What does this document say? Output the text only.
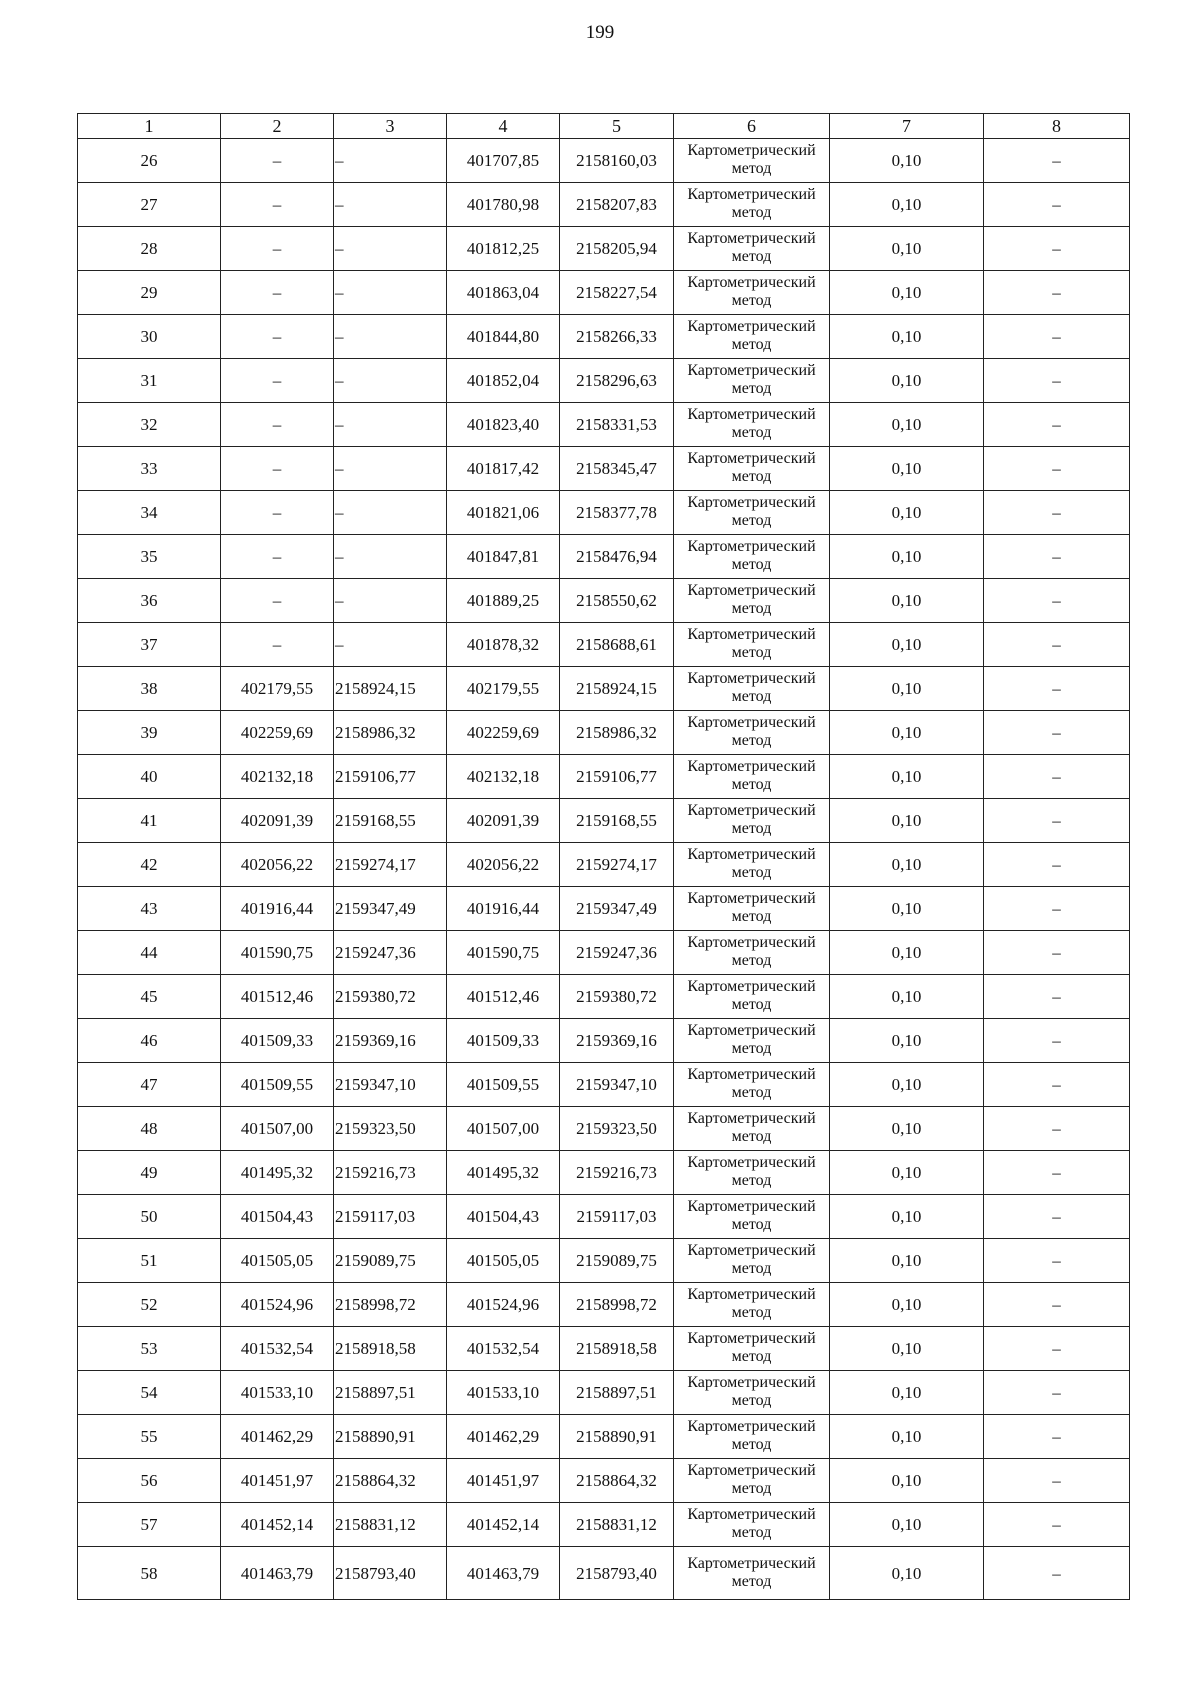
199
1	2	3	4	5	6	7	8
26	–	–	401707,85	2158160,03	Картометрический метод	0,10	–
27	–	–	401780,98	2158207,83	Картометрический метод	0,10	–
28	–	–	401812,25	2158205,94	Картометрический метод	0,10	–
29	–	–	401863,04	2158227,54	Картометрический метод	0,10	–
30	–	–	401844,80	2158266,33	Картометрический метод	0,10	–
31	–	–	401852,04	2158296,63	Картометрический метод	0,10	–
32	–	–	401823,40	2158331,53	Картометрический метод	0,10	–
33	–	–	401817,42	2158345,47	Картометрический метод	0,10	–
34	–	–	401821,06	2158377,78	Картометрический метод	0,10	–
35	–	–	401847,81	2158476,94	Картометрический метод	0,10	–
36	–	–	401889,25	2158550,62	Картометрический метод	0,10	–
37	–	–	401878,32	2158688,61	Картометрический метод	0,10	–
38	402179,55	2158924,15	402179,55	2158924,15	Картометрический метод	0,10	–
39	402259,69	2158986,32	402259,69	2158986,32	Картометрический метод	0,10	–
40	402132,18	2159106,77	402132,18	2159106,77	Картометрический метод	0,10	–
41	402091,39	2159168,55	402091,39	2159168,55	Картометрический метод	0,10	–
42	402056,22	2159274,17	402056,22	2159274,17	Картометрический метод	0,10	–
43	401916,44	2159347,49	401916,44	2159347,49	Картометрический метод	0,10	–
44	401590,75	2159247,36	401590,75	2159247,36	Картометрический метод	0,10	–
45	401512,46	2159380,72	401512,46	2159380,72	Картометрический метод	0,10	–
46	401509,33	2159369,16	401509,33	2159369,16	Картометрический метод	0,10	–
47	401509,55	2159347,10	401509,55	2159347,10	Картометрический метод	0,10	–
48	401507,00	2159323,50	401507,00	2159323,50	Картометрический метод	0,10	–
49	401495,32	2159216,73	401495,32	2159216,73	Картометрический метод	0,10	–
50	401504,43	2159117,03	401504,43	2159117,03	Картометрический метод	0,10	–
51	401505,05	2159089,75	401505,05	2159089,75	Картометрический метод	0,10	–
52	401524,96	2158998,72	401524,96	2158998,72	Картометрический метод	0,10	–
53	401532,54	2158918,58	401532,54	2158918,58	Картометрический метод	0,10	–
54	401533,10	2158897,51	401533,10	2158897,51	Картометрический метод	0,10	–
55	401462,29	2158890,91	401462,29	2158890,91	Картометрический метод	0,10	–
56	401451,97	2158864,32	401451,97	2158864,32	Картометрический метод	0,10	–
57	401452,14	2158831,12	401452,14	2158831,12	Картометрический метод	0,10	–
58	401463,79	2158793,40	401463,79	2158793,40	Картометрический метод	0,10	–
